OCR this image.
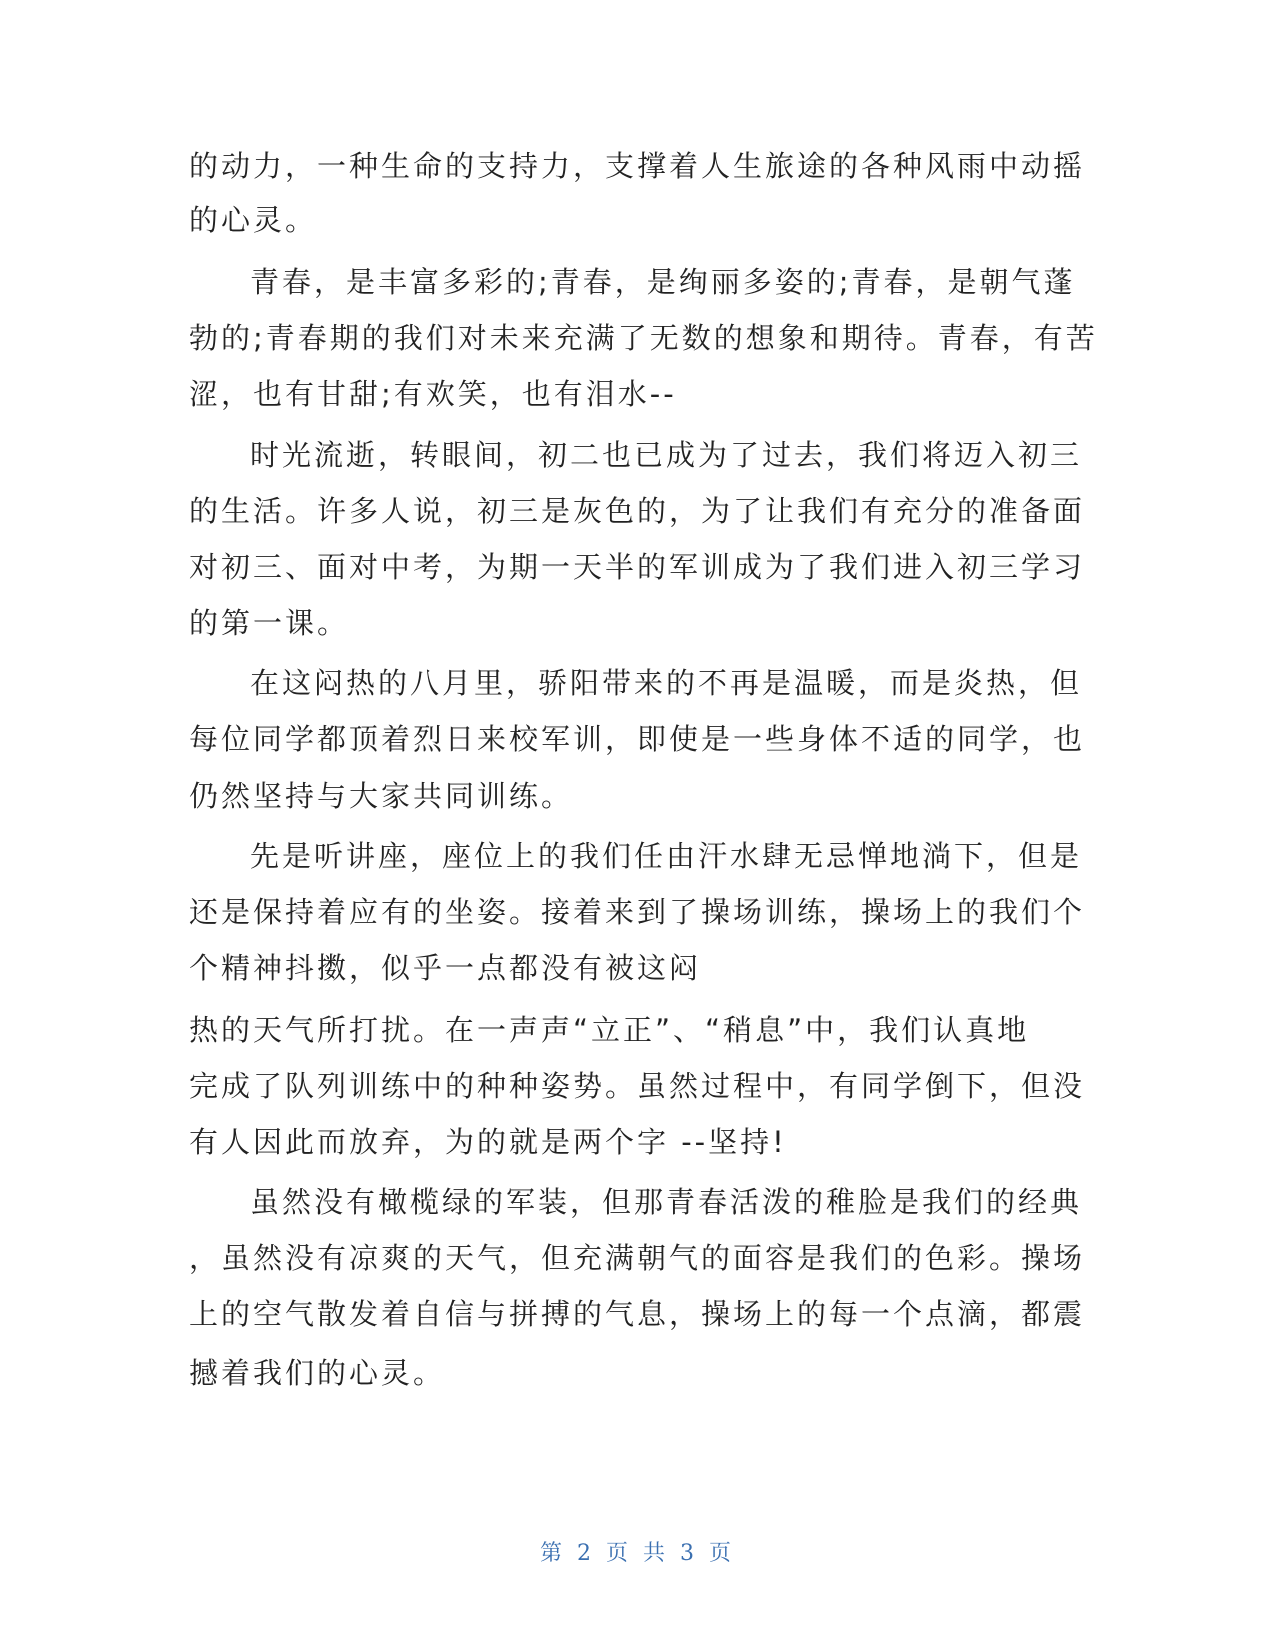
的动力，一种生命的支持力，支撑着人生旅途的各种风雨中动摇
的心灵。
青春，是丰富多彩的;青春，是绚丽多姿的;青春，是朝气蓬
勃的;青春期的我们对未来充满了无数的想象和期待。青春，有苦
涩，也有甘甜;有欢笑，也有泪水--
时光流逝，转眼间，初二也已成为了过去，我们将迈入初三
的生活。许多人说，初三是灰色的，为了让我们有充分的准备面
对初三、面对中考，为期一天半的军训成为了我们进入初三学习
的第一课。
在这闷热的八月里，骄阳带来的不再是温暖，而是炎热，但
每位同学都顶着烈日来校军训，即使是一些身体不适的同学，也
仍然坚持与大家共同训练。
先是听讲座，座位上的我们任由汗水肆无忌惮地淌下，但是
还是保持着应有的坐姿。接着来到了操场训练，操场上的我们个
个精神抖擞，似乎一点都没有被这闷
热的天气所打扰。在一声声“立正”、“稍息”中，我们认真地
完成了队列训练中的种种姿势。虽然过程中，有同学倒下，但没
有人因此而放弃，为的就是两个字 --坚持!
虽然没有橄榄绿的军装，但那青春活泼的稚脸是我们的经典
，虽然没有凉爽的天气，但充满朝气的面容是我们的色彩。操场
上的空气散发着自信与拼搏的气息，操场上的每一个点滴，都震
撼着我们的心灵。
第 2 页 共 3 页
